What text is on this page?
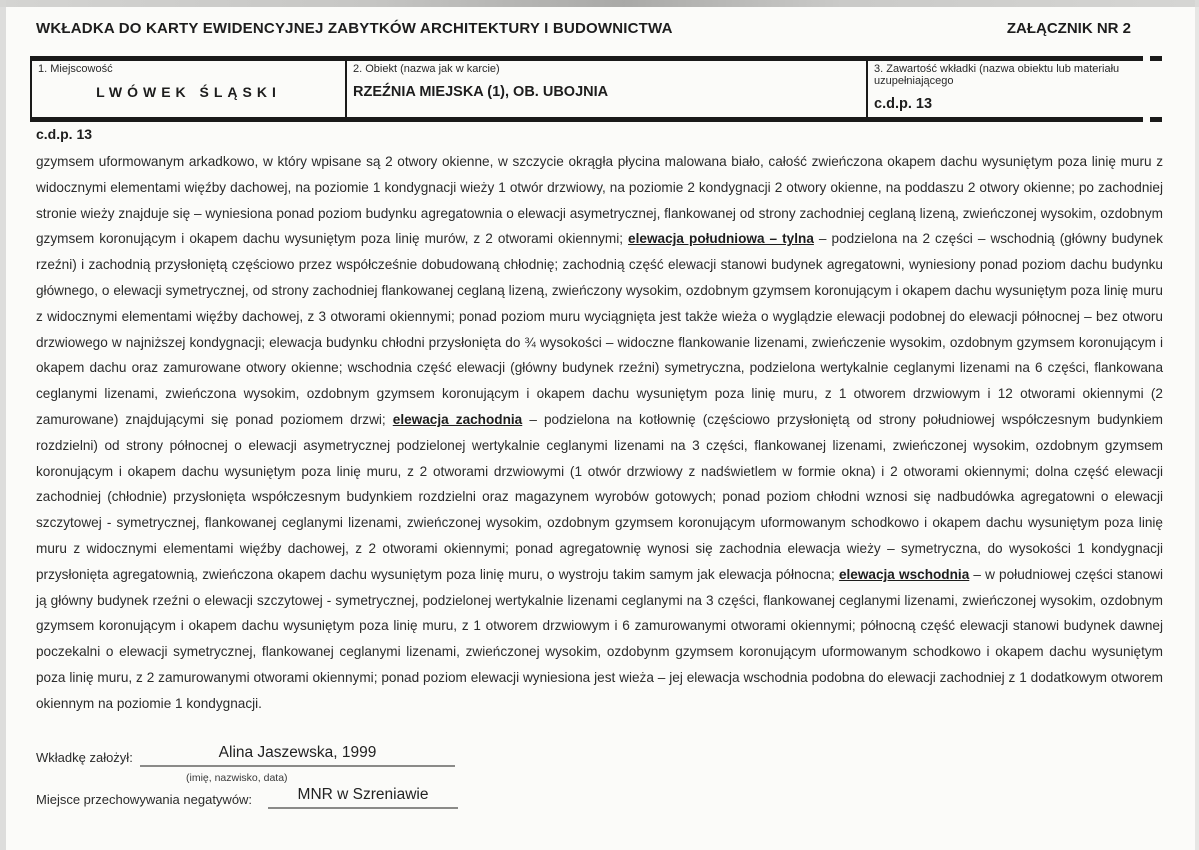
WKŁADKA DO KARTY EWIDENCYJNEJ ZABYTKÓW ARCHITEKTURY I BUDOWNICTWA	ZAŁĄCZNIK NR 2
1. Miejscowość
LWÓWEK ŚLĄSKI
2. Obiekt (nazwa jak w karcie)
RZEŹNIA MIEJSKA (1), OB. UBOJNIA
3. Zawartość wkładki (nazwa obiektu lub materiału uzupełniającego
c.d.p. 13
c.d.p. 13
gzymsem uformowanym arkadkowo, w który wpisane są 2 otwory okienne, w szczycie okrągła płycina malowana biało, całość zwieńczona okapem dachu wysuniętym poza linię muru z widocznymi elementami więźby dachowej, na poziomie 1 kondygnacji wieży 1 otwór drzwiowy, na poziomie 2 kondygnacji 2 otwory okienne, na poddaszu 2 otwory okienne; po zachodniej stronie wieży znajduje się – wyniesiona ponad poziom budynku agregatownia o elewacji asymetrycznej, flankowanej od strony zachodniej ceglaną lizeną, zwieńczonej wysokim, ozdobnym gzymsem koronującym i okapem dachu wysuniętym poza linię murów, z 2 otworami okiennymi; elewacja południowa – tylna – podzielona na 2 części – wschodnią (główny budynek rzeźni) i zachodnią przysłoniętą częściowo przez współcześnie dobudowaną chłodnię; zachodnią część elewacji stanowi budynek agregatowni, wyniesiony ponad poziom dachu budynku głównego, o elewacji symetrycznej, od strony zachodniej flankowanej ceglaną lizeną, zwieńczony wysokim, ozdobnym gzymsem koronującym i okapem dachu wysuniętym poza linię muru z widocznymi elementami więźby dachowej, z 3 otworami okiennymi; ponad poziom muru wyciągnięta jest także wieża o wyglądzie elewacji podobnej do elewacji północnej – bez otworu drzwiowego w najniższej kondygnacji; elewacja budynku chłodni przysłonięta do ¾ wysokości – widoczne flankowanie lizenami, zwieńczenie wysokim, ozdobnym gzymsem koronującym i okapem dachu oraz zamurowane otwory okienne; wschodnia część elewacji (główny budynek rzeźni) symetryczna, podzielona wertykalnie ceglanymi lizenami na 6 części, flankowana ceglanymi lizenami, zwieńczona wysokim, ozdobnym gzymsem koronującym i okapem dachu wysuniętym poza linię muru, z 1 otworem drzwiowym i 12 otworami okiennymi (2 zamurowane) znajdującymi się ponad poziomem drzwi; elewacja zachodnia – podzielona na kotłownię (częściowo przysłoniętą od strony południowej współczesnym budynkiem rozdzielni) od strony północnej o elewacji asymetrycznej podzielonej wertykalnie ceglanymi lizenami na 3 części, flankowanej lizenami, zwieńczonej wysokim, ozdobnym gzymsem koronującym i okapem dachu wysuniętym poza linię muru, z 2 otworami drzwiowymi (1 otwór drzwiowy z nadświetlem w formie okna) i 2 otworami okiennymi; dolna część elewacji zachodniej (chłodnie) przysłonięta współczesnym budynkiem rozdzielni oraz magazynem wyrobów gotowych; ponad poziom chłodni wznosi się nadbudówka agregatowni o elewacji szczytowej - symetrycznej, flankowanej ceglanymi lizenami, zwieńczonej wysokim, ozdobnym gzymsem koronującym uformowanym schodkowo i okapem dachu wysuniętym poza linię muru z widocznymi elementami więźby dachowej, z 2 otworami okiennymi; ponad agregatownię wynosi się zachodnia elewacja wieży – symetryczna, do wysokości 1 kondygnacji przysłonięta agregatownią, zwieńczona okapem dachu wysuniętym poza linię muru, o wystroju takim samym jak elewacja północna; elewacja wschodnia – w południowej części stanowi ją główny budynek rzeźni o elewacji szczytowej - symetrycznej, podzielonej wertykalnie lizenami ceglanymi na 3 części, flankowanej ceglanymi lizenami, zwieńczonej wysokim, ozdobnym gzymsem koronującym i okapem dachu wysuniętym poza linię muru, z 1 otworem drzwiowym i 6 zamurowanymi otworami okiennymi; północną część elewacji stanowi budynek dawnej poczekalni o elewacji symetrycznej, flankowanej ceglanymi lizenami, zwieńczonej wysokim, ozdobynm gzymsem koronującym uformowanym schodkowo i okapem dachu wysuniętym poza linię muru, z 2 zamurowanymi otworami okiennymi; ponad poziom elewacji wyniesiona jest wieża – jej elewacja wschodnia podobna do elewacji zachodniej z 1 dodatkowym otworem okiennym na poziomie 1 kondygnacji.
Wkładkę założył:	Alina Jaszewska, 1999
(imię, nazwisko, data)
Miejsce przechowywania negatywów:	MNR w Szreniawie
